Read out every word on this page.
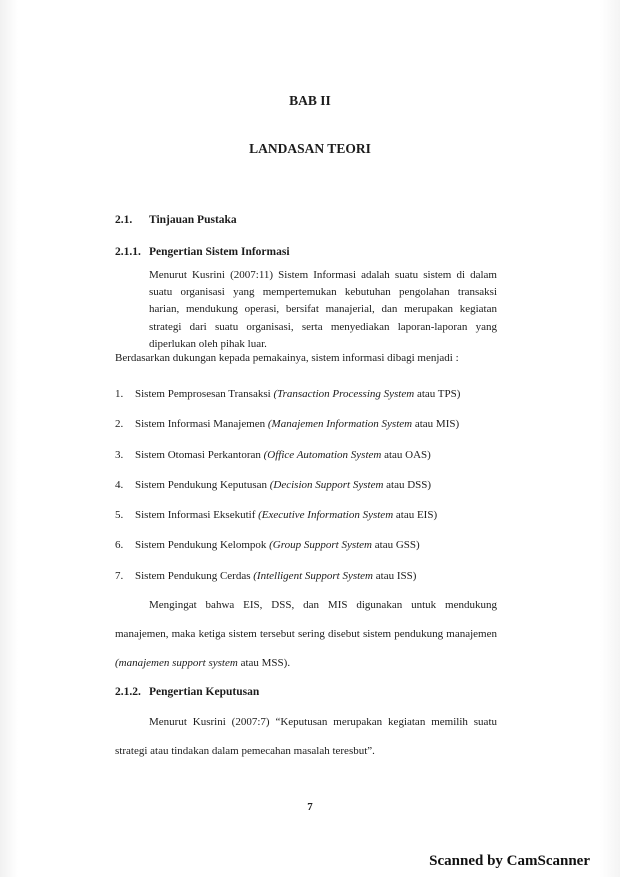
BAB II
LANDASAN TEORI
2.1. Tinjauan Pustaka
2.1.1. Pengertian Sistem Informasi
Menurut Kusrini (2007:11) Sistem Informasi adalah suatu sistem di dalam suatu organisasi yang mempertemukan kebutuhan pengolahan transaksi harian, mendukung operasi, bersifat manajerial, dan merupakan kegiatan strategi dari suatu organisasi, serta menyediakan laporan-laporan yang diperlukan oleh pihak luar.
Berdasarkan dukungan kepada pemakainya, sistem informasi dibagi menjadi :
1. Sistem Pemprosesan Transaksi (Transaction Processing System atau TPS)
2. Sistem Informasi Manajemen (Manajemen Information System atau MIS)
3. Sistem Otomasi Perkantoran (Office Automation System atau OAS)
4. Sistem Pendukung Keputusan (Decision Support System atau DSS)
5. Sistem Informasi Eksekutif (Executive Information System atau EIS)
6. Sistem Pendukung Kelompok (Group Support System atau GSS)
7. Sistem Pendukung Cerdas (Intelligent Support System atau ISS)
Mengingat bahwa EIS, DSS, dan MIS digunakan untuk mendukung manajemen, maka ketiga sistem tersebut sering disebut sistem pendukung manajemen (manajemen support system atau MSS).
2.1.2. Pengertian Keputusan
Menurut Kusrini (2007:7) “Keputusan merupakan kegiatan memilih suatu strategi atau tindakan dalam pemecahan masalah teresbut”.
7
Scanned by CamScanner
